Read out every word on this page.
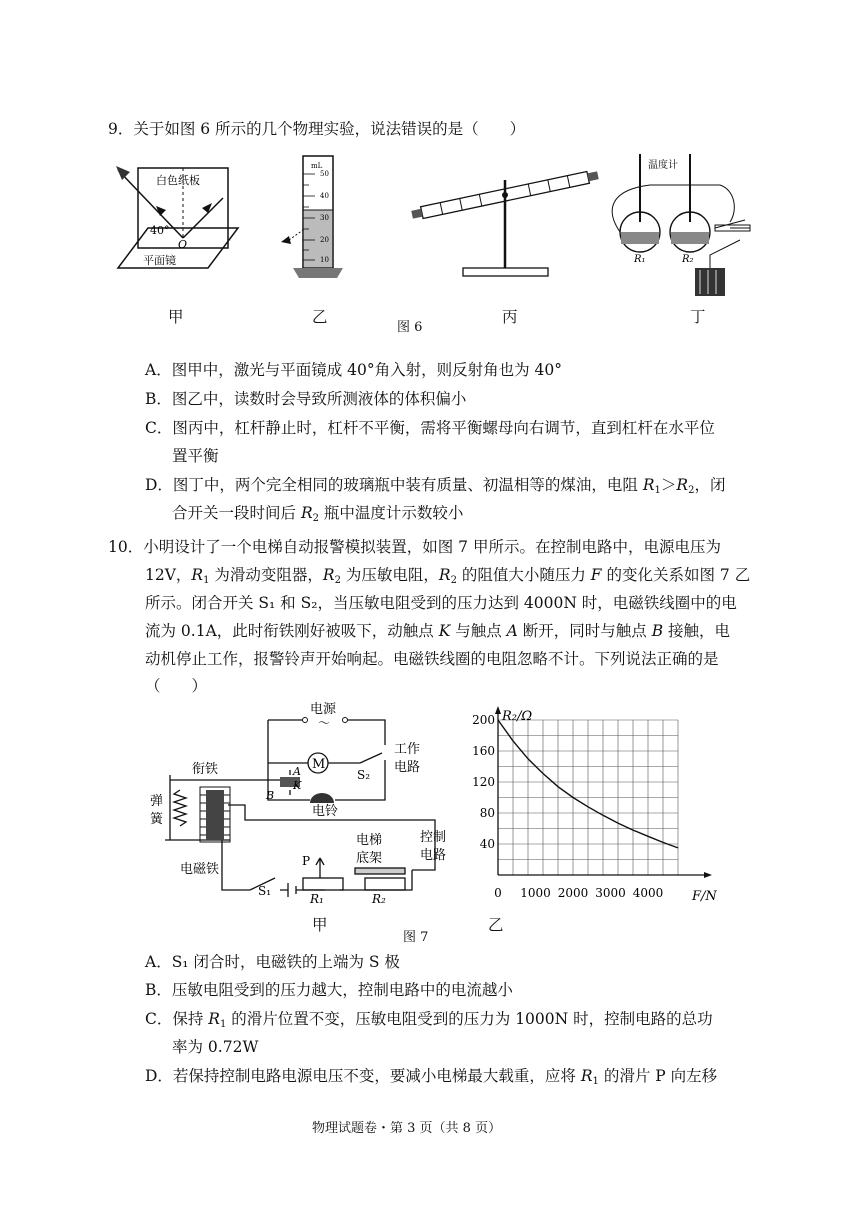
9．关于如图 6 所示的几个物理实验，说法错误的是（　　）
白色纸板
40°
O
平面镜
mL
50
40
30
20
10
温度计
R₁	R₂
甲	乙
图 6
丙	丁
A．图甲中，激光与平面镜成 40°角入射，则反射角也为 40°
B．图乙中，读数时会导致所测液体的体积偏小
C．图丙中，杠杆静止时，杠杆不平衡，需将平衡螺母向右调节，直到杠杆在水平位
置平衡
D．图丁中，两个完全相同的玻璃瓶中装有质量、初温相等的煤油，电阻 $R_1>R_2$，闭
合开关一段时间后 $R_2$ 瓶中温度计示数较小
10．小明设计了一个电梯自动报警模拟装置，如图 7 甲所示。在控制电路中，电源电压为
12V，$R_1$ 为滑动变阻器，$R_2$ 为压敏电阻，$R_2$ 的阻值大小随压力 F 的变化关系如图 7 乙
所示。闭合开关 S₁ 和 S₂，当压敏电阻受到的压力达到 4000N 时，电磁铁线圈中的电
流为 0.1A，此时衔铁刚好被吸下，动触点 K 与触点 A 断开，同时与触点 B 接触，电
动机停止工作，报警铃声开始响起。电磁铁线圈的电阻忽略不计。下列说法正确的是
（　　）
电源
～
工作
电路
M
A
K
B
S₂
电铃
衔铁
弹
簧
电磁铁
电梯
底架
控制
电路
P
S₁
R₁	R₂	0 1000 2000 3000 4000
40
80
120
160
200 R₂/Ω
F/N
甲
图 7
乙
A．S₁ 闭合时，电磁铁的上端为 S 极
B．压敏电阻受到的压力越大，控制电路中的电流越小
C．保持 $R_1$ 的滑片位置不变，压敏电阻受到的压力为 1000N 时，控制电路的总功
率为 0.72W
D．若保持控制电路电源电压不变，要减小电梯最大载重，应将 $R_1$ 的滑片 P 向左移
物理试题卷・第 3 页（共 8 页）
